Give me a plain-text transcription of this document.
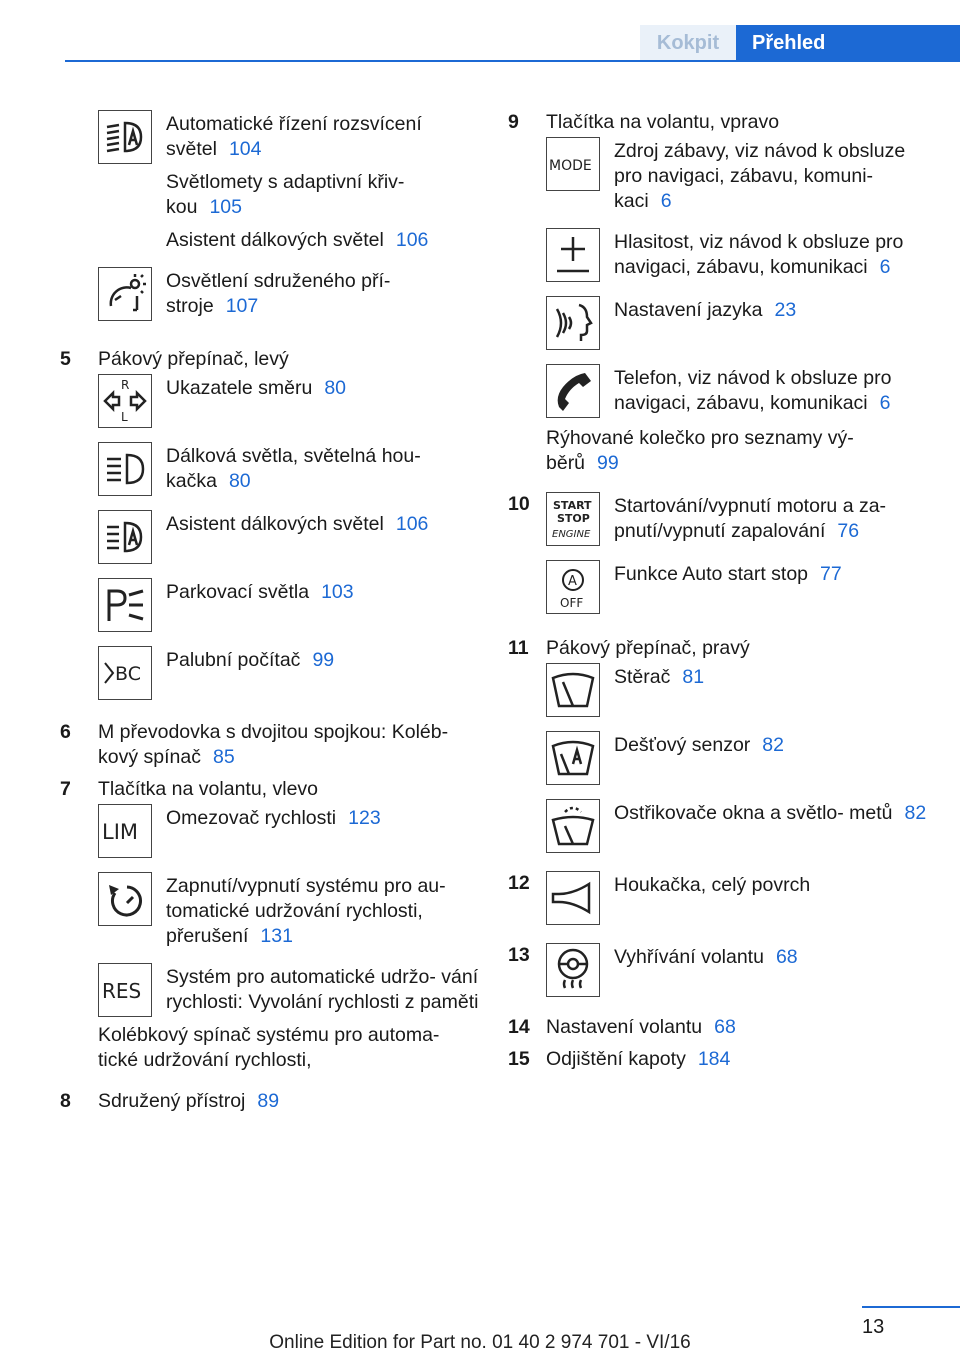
Kokpit	Přehled
Automatické řízení rozsvícení světel 104
Světlomety s adaptivní křiv- kou 105
Asistent dálkových světel 106
Osvětlení sdruženého pří- stroje 107
5	Pákový přepínač, levý
R
L
Ukazatele směru 80
Dálková světla, světelná hou- kačka 80
Asistent dálkových světel 106
Parkovací světla 103
BC
Palubní počítač 99
6	M převodovka s dvojitou spojkou: Koléb- kový spínač 85
7	Tlačítka na volantu, vlevo
LIM
Omezovač rychlosti 123
Zapnutí/vypnutí systému pro au- tomatické udržování rychlosti, přerušení 131
RES
Systém pro automatické udržo- vání rychlosti: Vyvolání rychlosti z paměti
Kolébkový spínač systému pro automa- tické udržování rychlosti,
8	Sdružený přístroj 89
9	Tlačítka na volantu, vpravo
MODE
Zdroj zábavy, viz návod k obsluze pro navigaci, zábavu, komuni- kaci 6
Hlasitost, viz návod k obsluze pro navigaci, zábavu, komunikaci 6
Nastavení jazyka 23
Telefon, viz návod k obsluze pro navigaci, zábavu, komunikaci 6
Rýhované kolečko pro seznamy vý- běrů 99
10	START
STOP
ENGINE
Startování/vypnutí motoru a za- pnutí/vypnutí zapalování 76
A
OFF
Funkce Auto start stop 77
11 Pákový přepínač, pravý
Stěrač 81
Dešťový senzor 82
Ostřikovače okna a světlo- metů 82
12	Houkačka, celý povrch
13	Vyhřívání volantu 68
14 Nastavení volantu 68
15 Odjištění kapoty 184
13
Online Edition for Part no. 01 40 2 974 701 - VI/16
